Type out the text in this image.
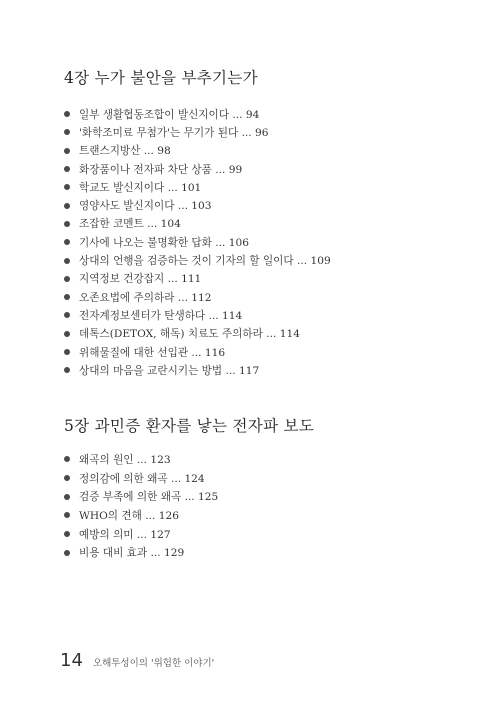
4장 누가 불안을 부추기는가
일부 생활협동조합이 발신지이다 ... 94
'화학조미료 무첨가'는 무기가 된다 ... 96
트랜스지방산 ... 98
화장품이나 전자파 차단 상품 ... 99
학교도 발신지이다 ... 101
영양사도 발신지이다 ... 103
조잡한 코멘트 ... 104
기사에 나오는 불명확한 답화 ... 106
상대의 언행을 검증하는 것이 기자의 할 일이다 ... 109
지역정보 건강잡지 ... 111
오존요법에 주의하라 ... 112
전자계정보센터가 탄생하다 ... 114
데톡스(DETOX, 해독) 치료도 주의하라 ... 114
위해물질에 대한 선입관 ... 116
상대의 마음을 교란시키는 방법 ... 117
5장 과민증 환자를 낳는 전자파 보도
왜곡의 원인 ... 123
정의감에 의한 왜곡 ... 124
검증 부족에 의한 왜곡 ... 125
WHO의 견해 ... 126
예방의 의미 ... 127
비용 대비 효과 ... 129
14 오해투성이의 '위험한 이야기'
